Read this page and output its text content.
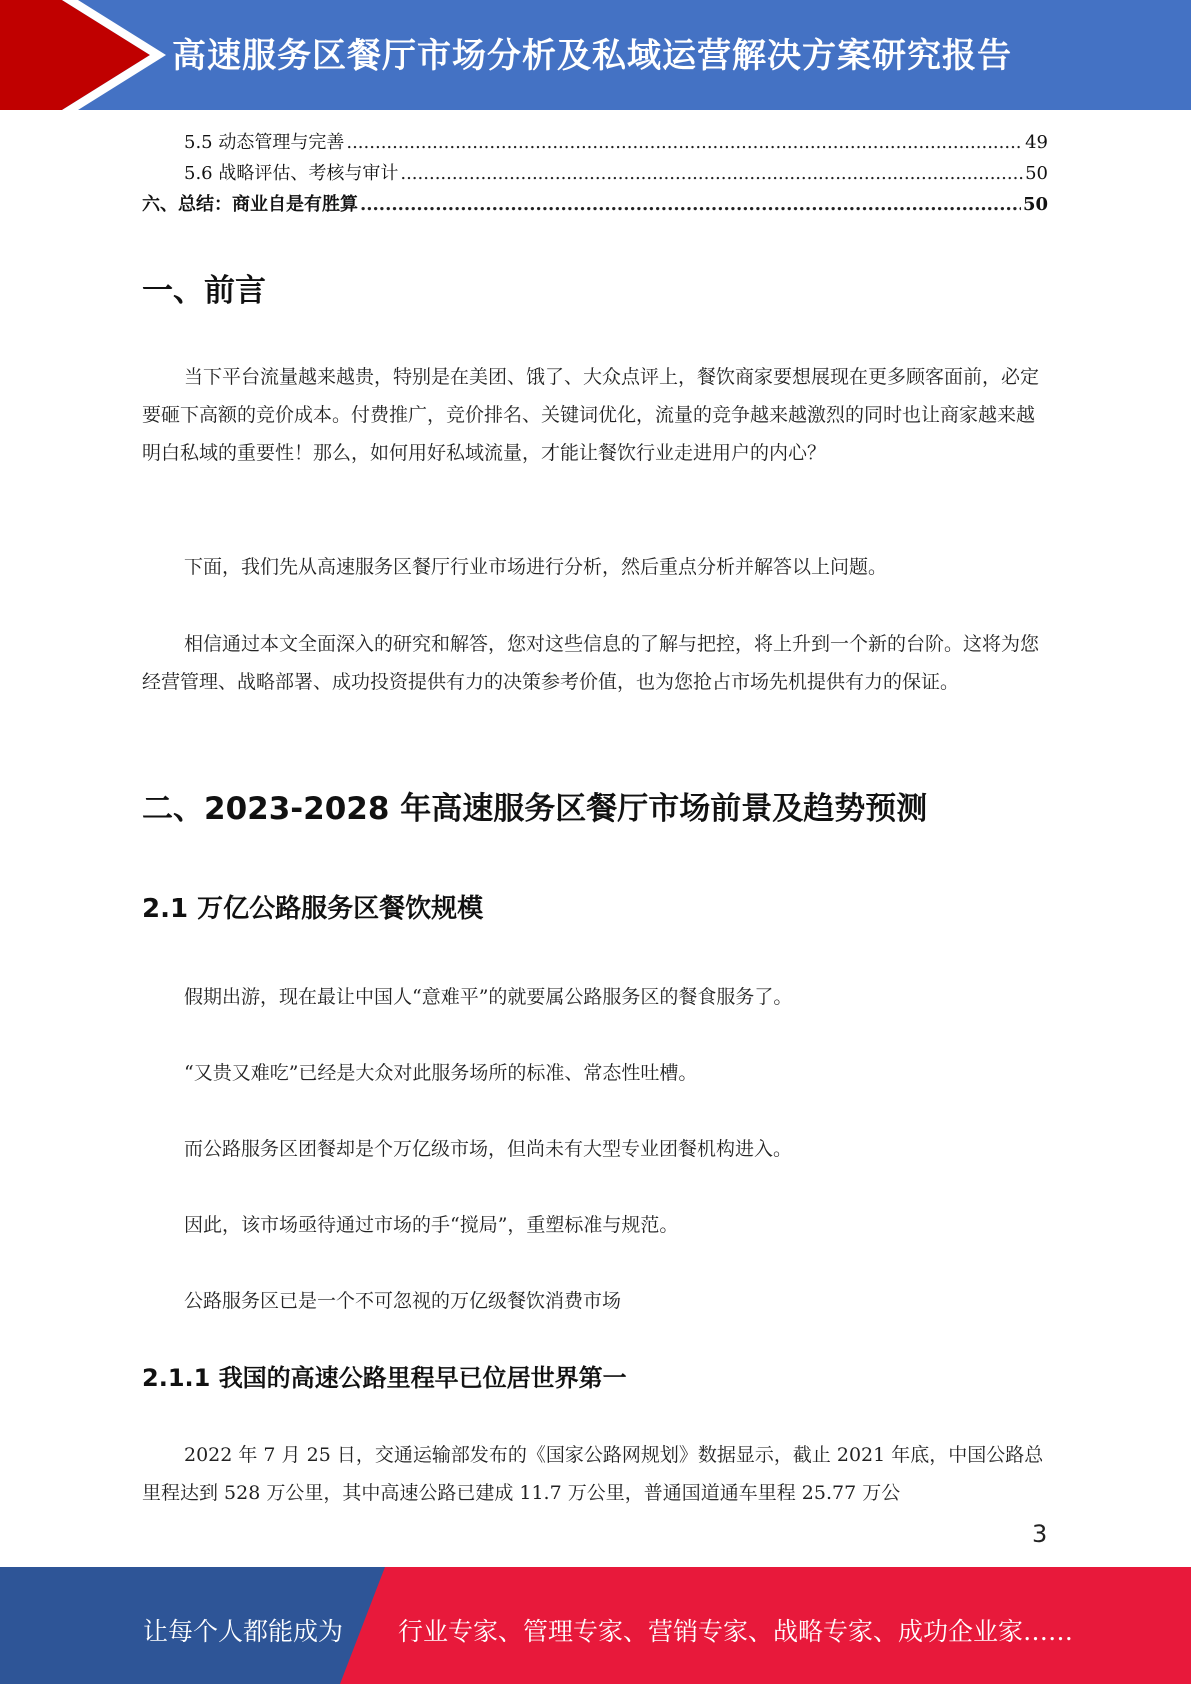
高速服务区餐厅市场分析及私域运营解决方案研究报告
5.5 动态管理与完善 .....	49
5.6 战略评估、考核与审计 .....	50
六、总结：商业自是有胜算 .....	50
一、前言
当下平台流量越来越贵，特别是在美团、饿了、大众点评上，餐饮商家要想展现在更多顾客面前，必定要砸下高额的竞价成本。付费推广，竞价排名、关键词优化，流量的竞争越来越激烈的同时也让商家越来越明白私域的重要性！那么，如何用好私域流量，才能让餐饮行业走进用户的内心？
下面，我们先从高速服务区餐厅行业市场进行分析，然后重点分析并解答以上问题。
相信通过本文全面深入的研究和解答，您对这些信息的了解与把控，将上升到一个新的台阶。这将为您经营管理、战略部署、成功投资提供有力的决策参考价值，也为您抢占市场先机提供有力的保证。
二、2023-2028 年高速服务区餐厅市场前景及趋势预测
2.1 万亿公路服务区餐饮规模
假期出游，现在最让中国人“意难平”的就要属公路服务区的餐食服务了。
“又贵又难吃”已经是大众对此服务场所的标准、常态性吐槽。
而公路服务区团餐却是个万亿级市场，但尚未有大型专业团餐机构进入。
因此，该市场亟待通过市场的手“搅局”，重塑标准与规范。
公路服务区已是一个不可忽视的万亿级餐饮消费市场
2.1.1 我国的高速公路里程早已位居世界第一
2022 年 7 月 25 日，交通运输部发布的《国家公路网规划》数据显示，截止 2021 年底，中国公路总里程达到 528 万公里，其中高速公路已建成 11.7 万公里，普通国道通车里程 25.77 万公
3
让每个人都能成为 行业专家、管理专家、营销专家、战略专家、成功企业家……
